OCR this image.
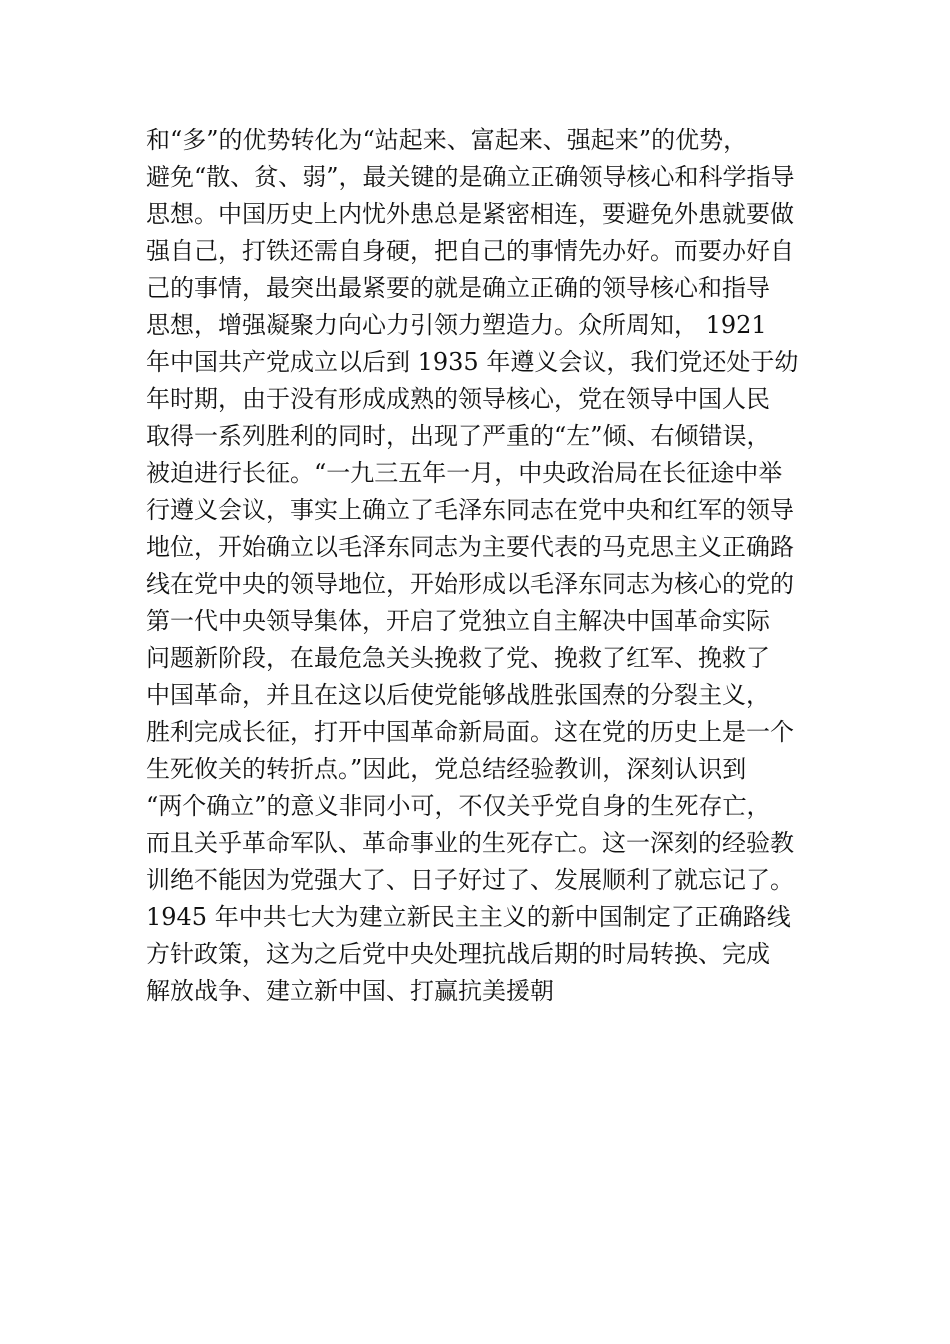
和“多”的优势转化为“站起来、富起来、强起来”的优势，
避免“散、贫、弱”，最关键的是确立正确领导核心和科学指导
思想。中国历史上内忧外患总是紧密相连，要避免外患就要做
强自己，打铁还需自身硬，把自己的事情先办好。而要办好自
己的事情，最突出最紧要的就是确立正确的领导核心和指导
思想，增强凝聚力向心力引领力塑造力。众所周知， 1921
年中国共产党成立以后到 1935 年遵义会议，我们党还处于幼
年时期，由于没有形成成熟的领导核心，党在领导中国人民
取得一系列胜利的同时，出现了严重的“左”倾、右倾错误，
被迫进行长征。“一九三五年一月，中央政治局在长征途中举
行遵义会议，事实上确立了毛泽东同志在党中央和红军的领导
地位，开始确立以毛泽东同志为主要代表的马克思主义正确路
线在党中央的领导地位，开始形成以毛泽东同志为核心的党的
第一代中央领导集体，开启了党独立自主解决中国革命实际
问题新阶段，在最危急关头挽救了党、挽救了红军、挽救了
中国革命，并且在这以后使党能够战胜张国焘的分裂主义，
胜利完成长征，打开中国革命新局面。这在党的历史上是一个
生死攸关的转折点。”因此，党总结经验教训，深刻认识到
“两个确立”的意义非同小可，不仅关乎党自身的生死存亡，
而且关乎革命军队、革命事业的生死存亡。这一深刻的经验教
训绝不能因为党强大了、日子好过了、发展顺利了就忘记了。
1945 年中共七大为建立新民主主义的新中国制定了正确路线
方针政策，这为之后党中央处理抗战后期的时局转换、完成
解放战争、建立新中国、打赢抗美援朝
